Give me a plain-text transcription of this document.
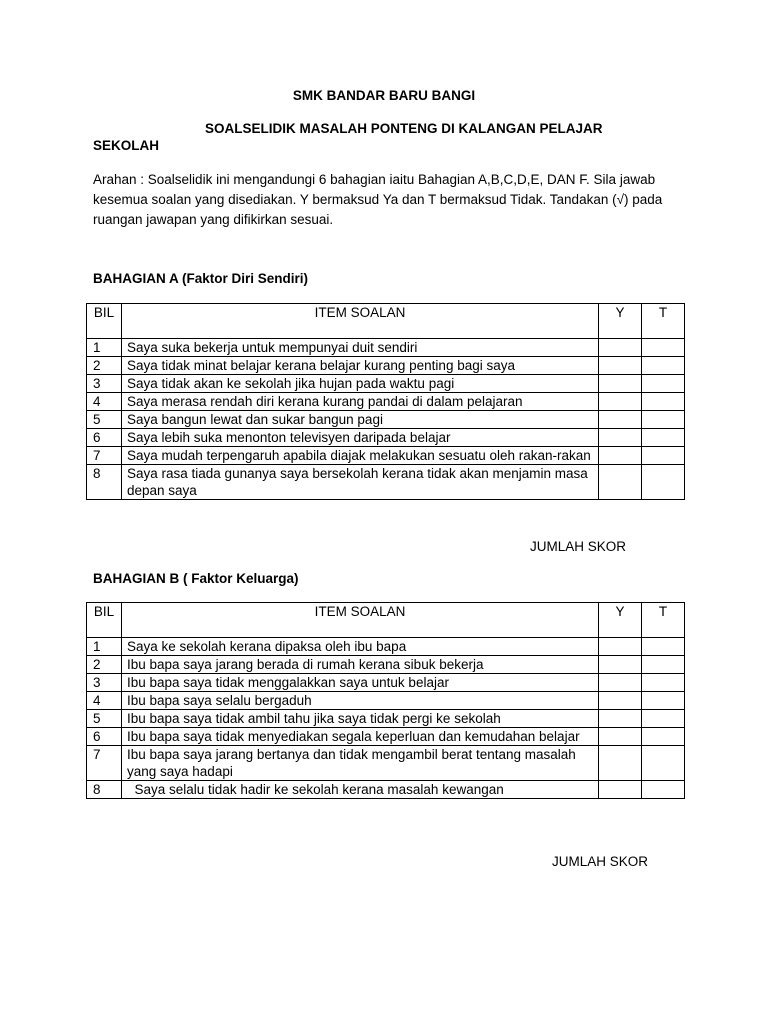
SMK BANDAR BARU BANGI
SOALSELIDIK MASALAH PONTENG DI KALANGAN PELAJAR
SEKOLAH
Arahan : Soalselidik ini mengandungi 6 bahagian iaitu Bahagian A,B,C,D,E, DAN F. Sila jawab kesemua soalan yang disediakan. Y bermaksud Ya dan T bermaksud Tidak. Tandakan (√) pada ruangan jawapan yang difikirkan sesuai.
BAHAGIAN A (Faktor Diri Sendiri)
BIL	ITEM SOALAN	Y	T
1	Saya suka bekerja untuk mempunyai duit sendiri		
2	Saya tidak minat belajar kerana belajar kurang penting bagi saya		
3	Saya tidak akan ke sekolah jika hujan pada waktu pagi		
4	Saya merasa rendah diri kerana kurang pandai di dalam pelajaran		
5	Saya bangun lewat dan sukar bangun pagi		
6	Saya lebih suka menonton televisyen daripada belajar		
7	Saya mudah terpengaruh apabila diajak melakukan sesuatu oleh rakan-rakan		
8	Saya rasa tiada gunanya saya bersekolah kerana tidak akan menjamin masa depan saya		
JUMLAH SKOR
BAHAGIAN B ( Faktor Keluarga)
BIL	ITEM SOALAN	Y	T
1	Saya ke sekolah kerana dipaksa oleh ibu bapa		
2	Ibu bapa saya jarang berada di rumah kerana sibuk bekerja		
3	Ibu bapa saya tidak menggalakkan saya untuk belajar		
4	Ibu bapa saya selalu bergaduh		
5	Ibu bapa saya tidak ambil tahu jika saya tidak pergi ke sekolah		
6	Ibu bapa saya tidak menyediakan segala keperluan dan kemudahan belajar		
7	Ibu bapa saya jarang bertanya dan tidak mengambil berat tentang masalah yang saya hadapi		
8	Saya selalu tidak hadir ke sekolah kerana masalah kewangan		
JUMLAH SKOR
